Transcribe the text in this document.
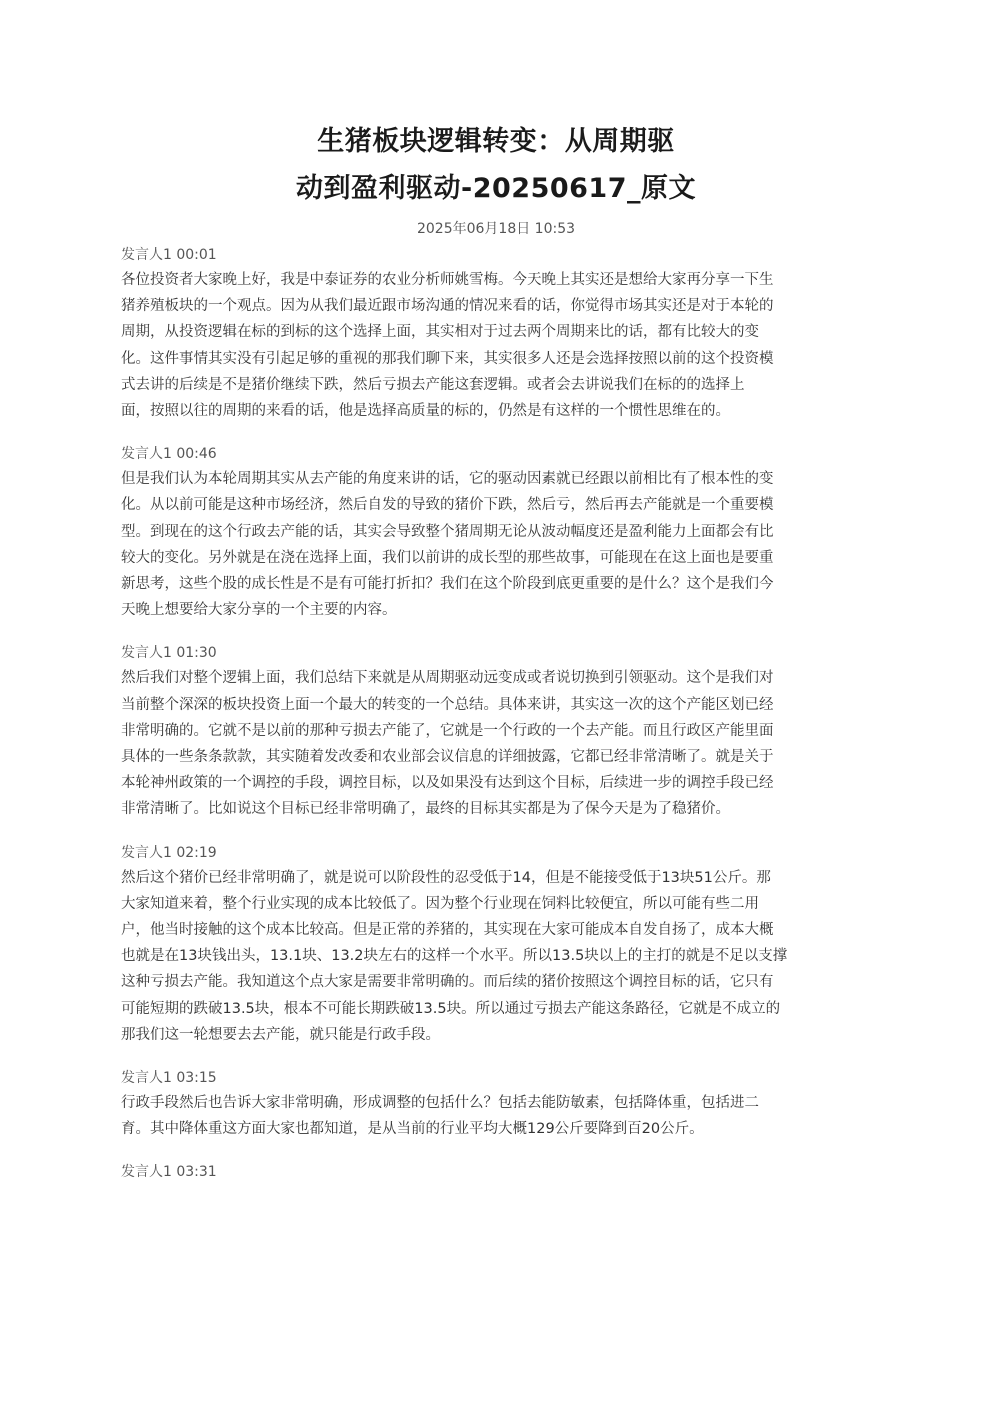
生猪板块逻辑转变：从周期驱
动到盈利驱动-20250617_原文
2025年06月18日 10:53
发言人1 00:01
各位投资者大家晚上好，我是中泰证券的农业分析师姚雪梅。今天晚上其实还是想给大家再分享一下生
猪养殖板块的一个观点。因为从我们最近跟市场沟通的情况来看的话，你觉得市场其实还是对于本轮的
周期，从投资逻辑在标的到标的这个选择上面，其实相对于过去两个周期来比的话，都有比较大的变
化。这件事情其实没有引起足够的重视的那我们聊下来，其实很多人还是会选择按照以前的这个投资模
式去讲的后续是不是猪价继续下跌，然后亏损去产能这套逻辑。或者会去讲说我们在标的的选择上
面，按照以往的周期的来看的话，他是选择高质量的标的，仍然是有这样的一个惯性思维在的。
发言人1 00:46
但是我们认为本轮周期其实从去产能的角度来讲的话，它的驱动因素就已经跟以前相比有了根本性的变
化。从以前可能是这种市场经济，然后自发的导致的猪价下跌，然后亏，然后再去产能就是一个重要模
型。到现在的这个行政去产能的话，其实会导致整个猪周期无论从波动幅度还是盈利能力上面都会有比
较大的变化。另外就是在浇在选择上面，我们以前讲的成长型的那些故事，可能现在在这上面也是要重
新思考，这些个股的成长性是不是有可能打折扣？我们在这个阶段到底更重要的是什么？这个是我们今
天晚上想要给大家分享的一个主要的内容。
发言人1 01:30
然后我们对整个逻辑上面，我们总结下来就是从周期驱动远变成或者说切换到引领驱动。这个是我们对
当前整个深深的板块投资上面一个最大的转变的一个总结。具体来讲，其实这一次的这个产能区划已经
非常明确的。它就不是以前的那种亏损去产能了，它就是一个行政的一个去产能。而且行政区产能里面
具体的一些条条款款，其实随着发改委和农业部会议信息的详细披露，它都已经非常清晰了。就是关于
本轮神州政策的一个调控的手段，调控目标，以及如果没有达到这个目标，后续进一步的调控手段已经
非常清晰了。比如说这个目标已经非常明确了，最终的目标其实都是为了保今天是为了稳猪价。
发言人1 02:19
然后这个猪价已经非常明确了，就是说可以阶段性的忍受低于14，但是不能接受低于13块51公斤。那
大家知道来着，整个行业实现的成本比较低了。因为整个行业现在饲料比较便宜，所以可能有些二用
户，他当时接触的这个成本比较高。但是正常的养猪的，其实现在大家可能成本自发自扬了，成本大概
也就是在13块钱出头，13.1块、13.2块左右的这样一个水平。所以13.5块以上的主打的就是不足以支撑
这种亏损去产能。我知道这个点大家是需要非常明确的。而后续的猪价按照这个调控目标的话，它只有
可能短期的跌破13.5块，根本不可能长期跌破13.5块。所以通过亏损去产能这条路径，它就是不成立的
那我们这一轮想要去去产能，就只能是行政手段。
发言人1 03:15
行政手段然后也告诉大家非常明确，形成调整的包括什么？包括去能防敏素，包括降体重，包括进二
育。其中降体重这方面大家也都知道，是从当前的行业平均大概129公斤要降到百20公斤。
发言人1 03:31
